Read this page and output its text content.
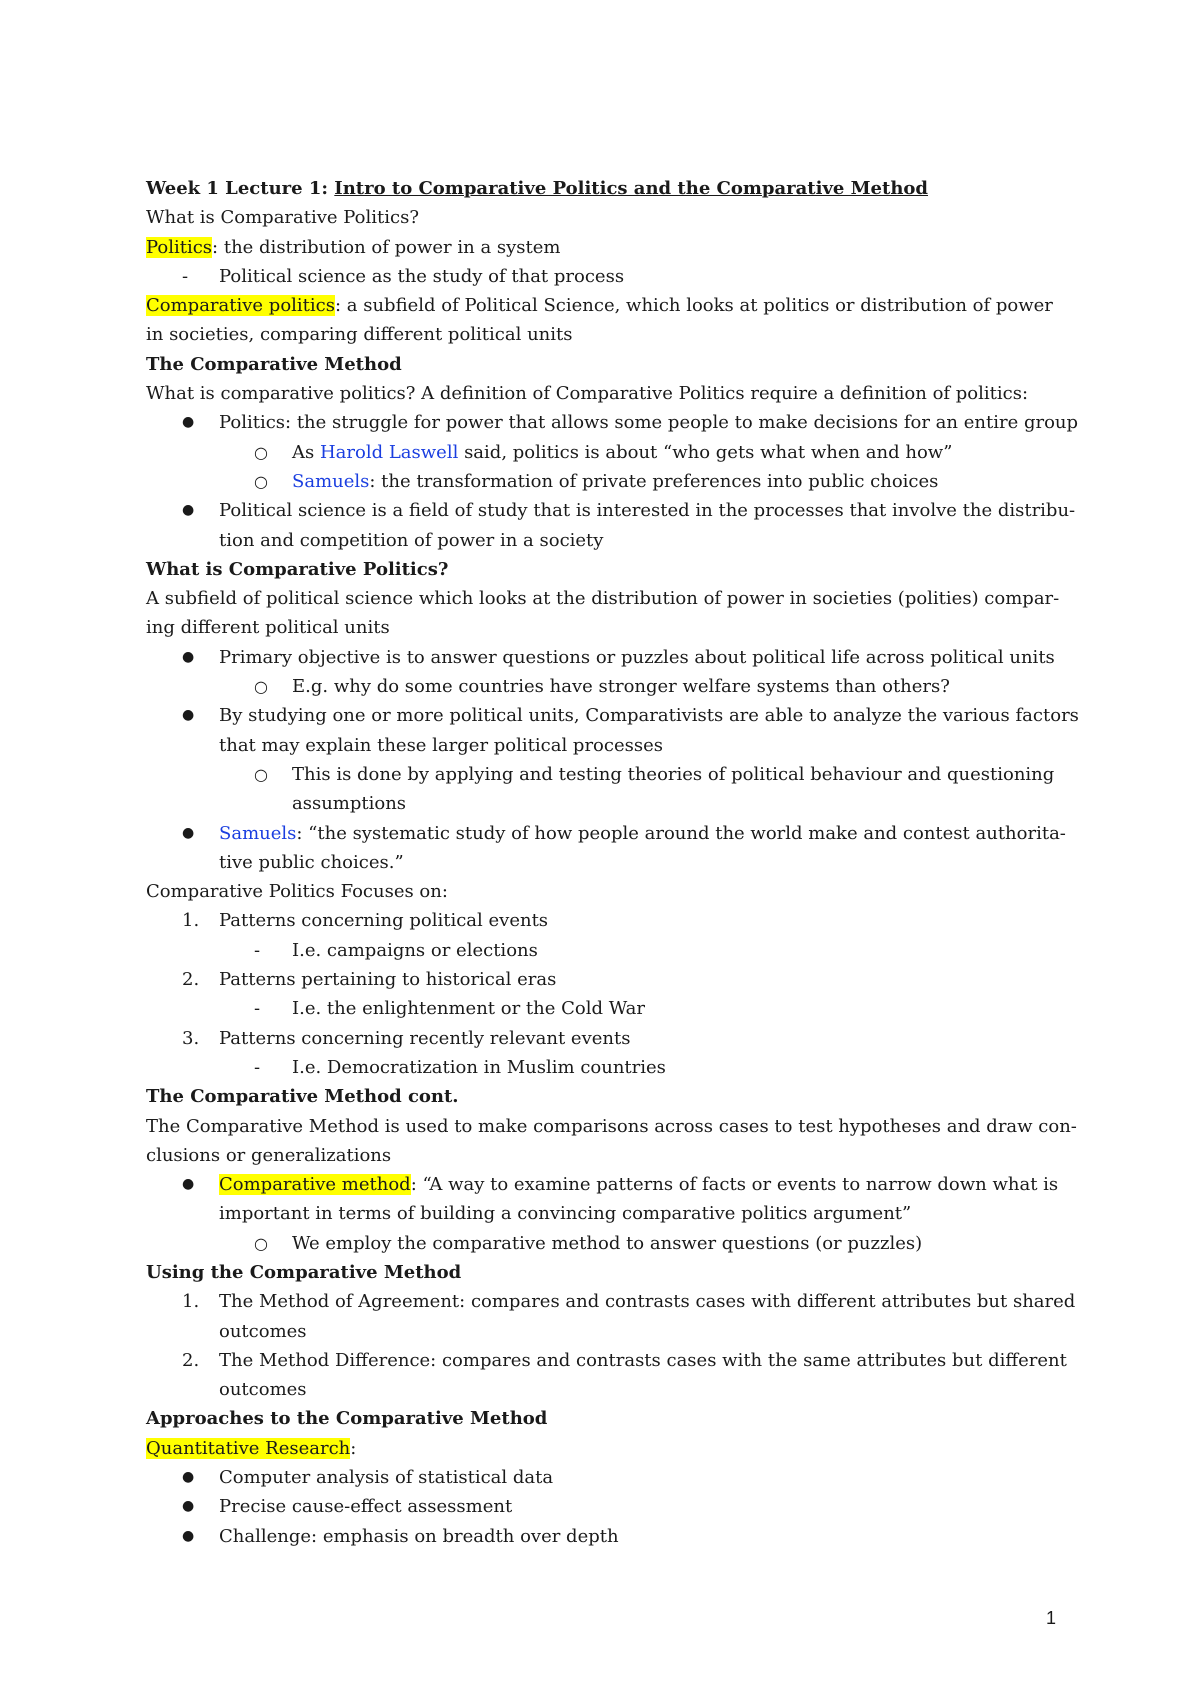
Week 1 Lecture 1: Intro to Comparative Politics and the Comparative Method
What is Comparative Politics?
Politics: the distribution of power in a system
- Political science as the study of that process
Comparative politics: a subfield of Political Science, which looks at politics or distribution of power
in societies, comparing different political units
The Comparative Method
What is comparative politics? A definition of Comparative Politics require a definition of politics:
● Politics: the struggle for power that allows some people to make decisions for an entire group
○ As Harold Laswell said, politics is about “who gets what when and how”
○ Samuels: the transformation of private preferences into public choices
● Political science is a field of study that is interested in the processes that involve the distribu-
tion and competition of power in a society
What is Comparative Politics?
A subfield of political science which looks at the distribution of power in societies (polities) compar-
ing different political units
● Primary objective is to answer questions or puzzles about political life across political units
○ E.g. why do some countries have stronger welfare systems than others?
● By studying one or more political units, Comparativists are able to analyze the various factors
that may explain these larger political processes
○ This is done by applying and testing theories of political behaviour and questioning
assumptions
● Samuels: “the systematic study of how people around the world make and contest authorita-
tive public choices.”
Comparative Politics Focuses on:
1. Patterns concerning political events
- I.e. campaigns or elections
2. Patterns pertaining to historical eras
- I.e. the enlightenment or the Cold War
3. Patterns concerning recently relevant events
- I.e. Democratization in Muslim countries
The Comparative Method cont.
The Comparative Method is used to make comparisons across cases to test hypotheses and draw con-
clusions or generalizations
● Comparative method: “A way to examine patterns of facts or events to narrow down what is
important in terms of building a convincing comparative politics argument”
○ We employ the comparative method to answer questions (or puzzles)
Using the Comparative Method
1. The Method of Agreement: compares and contrasts cases with different attributes but shared
outcomes
2. The Method Difference: compares and contrasts cases with the same attributes but different
outcomes
Approaches to the Comparative Method
Quantitative Research:
● Computer analysis of statistical data
● Precise cause-effect assessment
● Challenge: emphasis on breadth over depth
1
